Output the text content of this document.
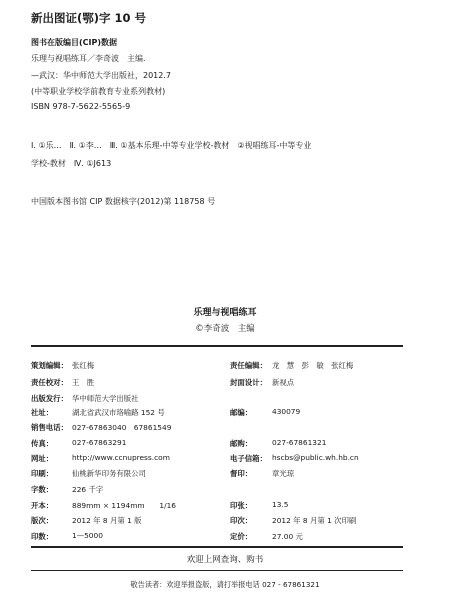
新出图证(鄂)字 10 号
图书在版编目(CIP)数据
乐理与视唱练耳／李奇波　主编.
—武汉：华中师范大学出版社，2012.7
(中等职业学校学前教育专业系列教材)
ISBN 978-7-5622-5565-9
Ⅰ. ①乐…　Ⅱ. ①李…　Ⅲ. ①基本乐理-中等专业学校-教材　②视唱练耳-中等专业
学校-教材　Ⅳ. ①J613
中国版本图书馆 CIP 数据核字(2012)第 118758 号
乐理与视唱练耳
©李奇波　主编
策划编辑： 张红梅
责任校对： 王　胜
出版发行： 华中师范大学出版社
社址：	湖北省武汉市珞喻路 152 号
销售电话： 027-67863040　67861549
传真：	027-67863291
网址：	http://www.ccnupress.com
印刷：	仙桃新华印务有限公司
字数：	226 千字
开本：	889mm × 1194mm　　1/16
版次：	2012 年 8 月第 1 版
印数：	1—5000
责任编辑： 龙　慧　彭　敏　张红梅
封面设计： 新视点
邮编：	430079
邮购：	027-67861321
电子信箱： hscbs@public.wh.hb.cn
督印：	章光琼
印张：	13.5
印次：	2012 年 8 月第 1 次印刷
定价：	27.00 元
欢迎上网查询、购书
敬告读者：欢迎举报盗版，请打举报电话 027 - 67861321
